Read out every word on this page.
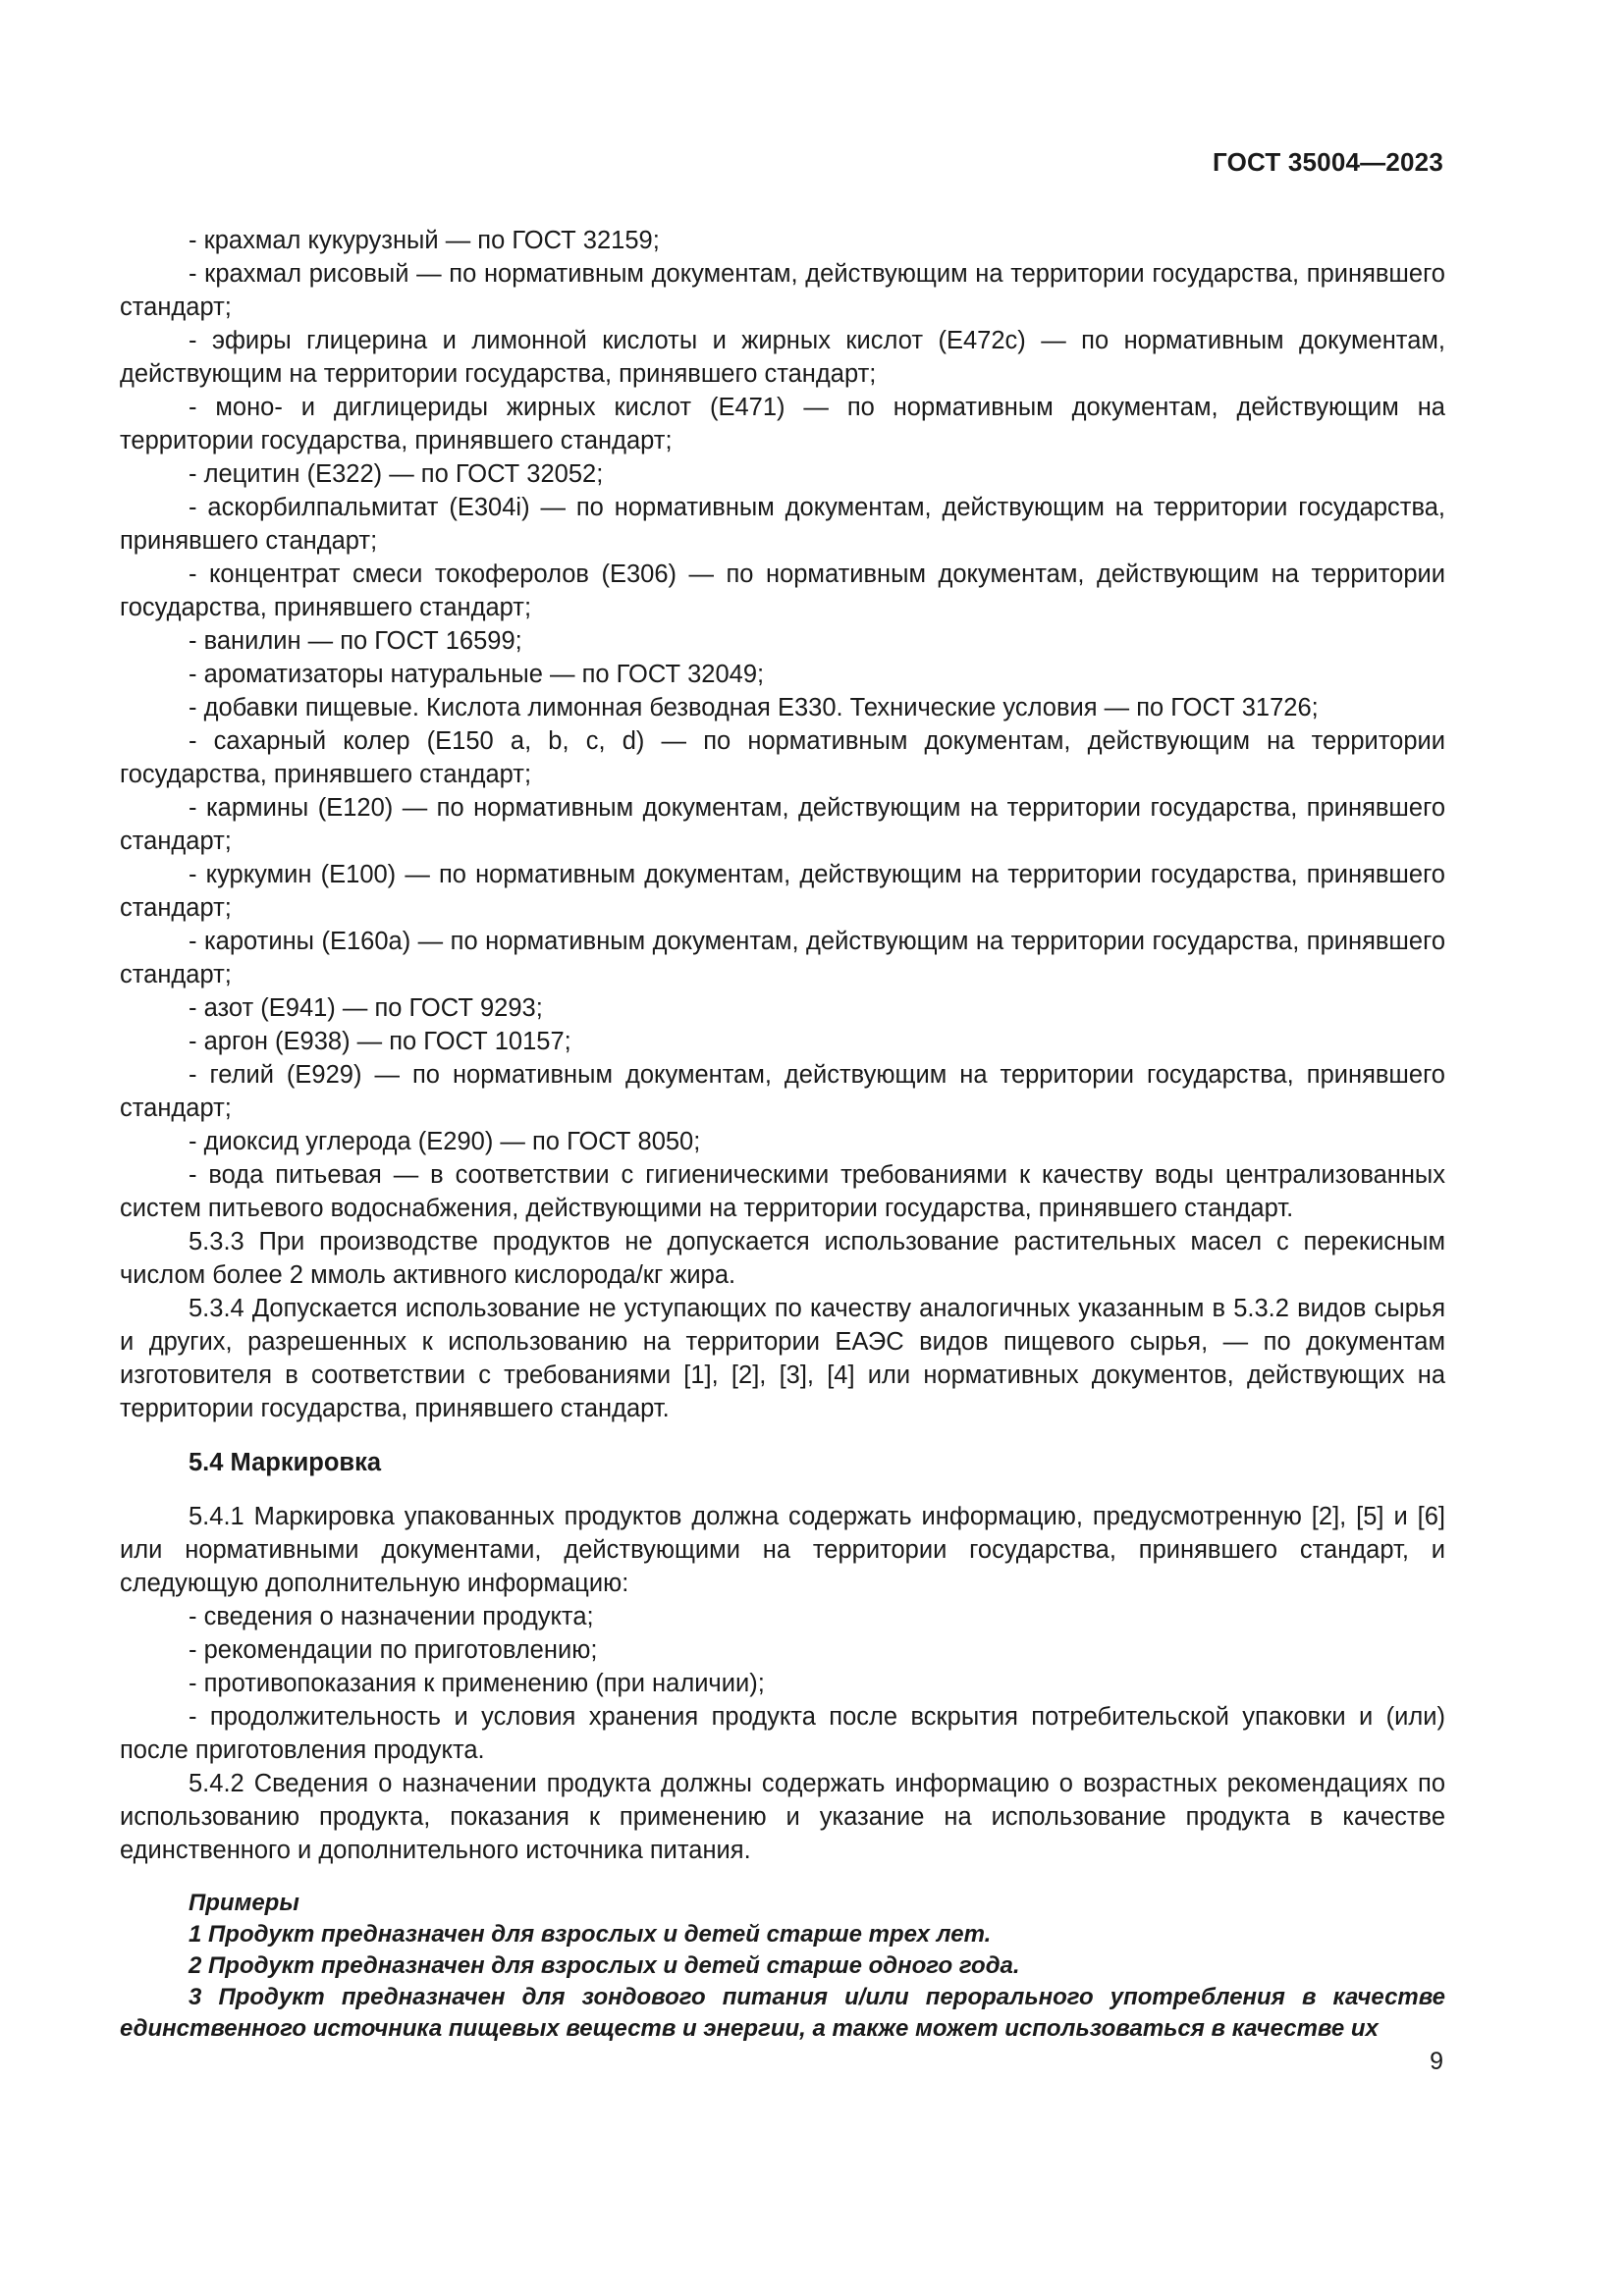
ГОСТ 35004—2023

- крахмал кукурузный — по ГОСТ 32159;

- крахмал рисовый — по нормативным документам, действующим на территории государства, принявшего стандарт;

- эфиры глицерина и лимонной кислоты и жирных кислот (Е472с) — по нормативным документам, действующим на территории государства, принявшего стандарт;

- моно- и диглицериды жирных кислот (Е471) — по нормативным документам, действующим на территории государства, принявшего стандарт;

- лецитин (Е322) — по ГОСТ 32052;

- аскорбилпальмитат (Е304i) — по нормативным документам, действующим на территории государства, принявшего стандарт;

- концентрат смеси токоферолов (Е306) — по нормативным документам, действующим на территории государства, принявшего стандарт;

- ванилин — по ГОСТ 16599;

- ароматизаторы натуральные — по ГОСТ 32049;

- добавки пищевые. Кислота лимонная безводная Е330. Технические условия — по ГОСТ 31726;

- сахарный колер (Е150 a, b, c, d) — по нормативным документам, действующим на территории государства, принявшего стандарт;

- кармины (Е120) — по нормативным документам, действующим на территории государства, принявшего стандарт;

- куркумин (Е100) — по нормативным документам, действующим на территории государства, принявшего стандарт;

- каротины (Е160а) — по нормативным документам, действующим на территории государства, принявшего стандарт;

- азот (Е941) — по ГОСТ 9293;

- аргон (Е938) — по ГОСТ 10157;

- гелий (Е929) — по нормативным документам, действующим на территории государства, принявшего стандарт;

- диоксид углерода (Е290) — по ГОСТ 8050;

- вода питьевая — в соответствии с гигиеническими требованиями к качеству воды централизованных систем питьевого водоснабжения, действующими на территории государства, принявшего стандарт.

5.3.3 При производстве продуктов не допускается использование растительных масел с перекисным числом более 2 ммоль активного кислорода/кг жира.

5.3.4 Допускается использование не уступающих по качеству аналогичных указанным в 5.3.2 видов сырья и других, разрешенных к использованию на территории ЕАЭС видов пищевого сырья, — по документам изготовителя в соответствии с требованиями [1], [2], [3], [4] или нормативных документов, действующих на территории государства, принявшего стандарт.

5.4 Маркировка

5.4.1 Маркировка упакованных продуктов должна содержать информацию, предусмотренную [2], [5] и [6] или нормативными документами, действующими на территории государства, принявшего стандарт, и следующую дополнительную информацию:

- сведения о назначении продукта;

- рекомендации по приготовлению;

- противопоказания к применению (при наличии);

- продолжительность и условия хранения продукта после вскрытия потребительской упаковки и (или) после приготовления продукта.

5.4.2 Сведения о назначении продукта должны содержать информацию о возрастных рекомендациях по использованию продукта, показания к применению и указание на использование продукта в качестве единственного и дополнительного источника питания.

Примеры

1 Продукт предназначен для взрослых и детей старше трех лет.

2 Продукт предназначен для взрослых и детей старше одного года.

3 Продукт предназначен для зондового питания и/или перорального употребления в качестве единственного источника пищевых веществ и энергии, а также может использоваться в качестве их

9
